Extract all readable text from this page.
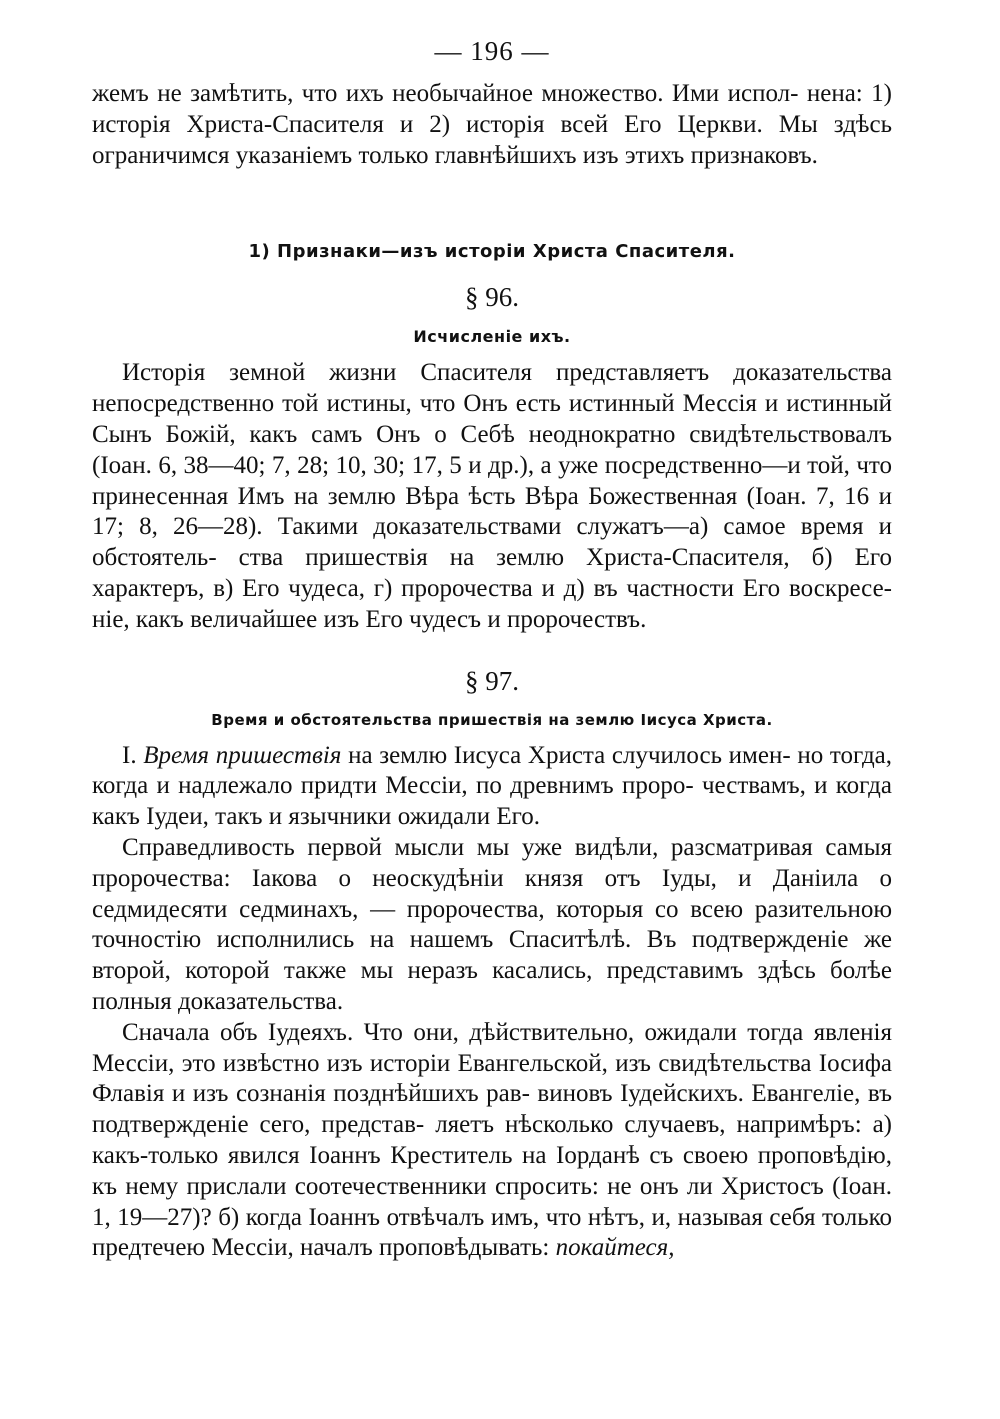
— 196 —

жемъ не замѣтить, что ихъ необычайное множество. Ими испол- нена: 1) исторія Христа-Спасителя и 2) исторія всей Его Церкви. Мы здѣсь ограничимся указаніемъ только главнѣйшихъ изъ этихъ признаковъ.

1) Признаки—изъ исторіи Христа Спасителя.
§ 96.
Исчисленіе ихъ.

Исторія земной жизни Спасителя представляетъ доказательства непосредственно той истины, что Онъ есть истинный Мессія и истинный Сынъ Божій, какъ самъ Онъ о Себѣ неоднократно свидѣтельствовалъ (Іоан. 6, 38—40; 7, 28; 10, 30; 17, 5 и др.), а уже посредственно—и той, что принесенная Имъ на землю Вѣра ѣсть Вѣра Божественная (Іоан. 7, 16 и 17; 8, 26—28). Такими доказательствами служатъ—а) самое время и обстоятель- ства пришествія на землю Христа-Спасителя, б) Его характеръ, в) Его чудеса, г) пророчества и д) въ частности Его воскресе- ніе, какъ величайшее изъ Его чудесъ и пророчествъ.

§ 97.
Время и обстоятельства пришествія на землю Іисуса Христа.

I. Время пришествія на землю Іисуса Христа случилось имен- но тогда, когда и надлежало придти Мессіи, по древнимъ проро- чествамъ, и когда какъ Іудеи, такъ и язычники ожидали Его.

Справедливость первой мысли мы уже видѣли, разсматривая самыя пророчества: Іакова о неоскудѣніи князя отъ Іуды, и Даніила о седмидесяти седминахъ, — пророчества, которыя со всею разительною точностію исполнились на нашемъ Спаситѣлѣ. Въ подтвержденіе же второй, которой также мы неразъ касались, представимъ здѣсь болѣе полныя доказательства.

Сначала объ Іудеяхъ. Что они, дѣйствительно, ожидали тогда явленія Мессіи, это извѣстно изъ исторіи Евангельской, изъ свидѣтельства Іосифа Флавія и изъ сознанія позднѣйшихъ рав- виновъ Іудейскихъ. Евангеліе, въ подтвержденіе сего, представ- ляетъ нѣсколько случаевъ, напримѣръ: а) какъ-только явился Іоаннъ Креститель на Іорданѣ съ своею проповѣдію, къ нему прислали соотечественники спросить: не онъ ли Христосъ (Іоан. 1, 19—27)? б) когда Іоаннъ отвѣчалъ имъ, что нѣтъ, и, называя себя только предтечею Мессіи, началъ проповѣдывать: покайтеся,
